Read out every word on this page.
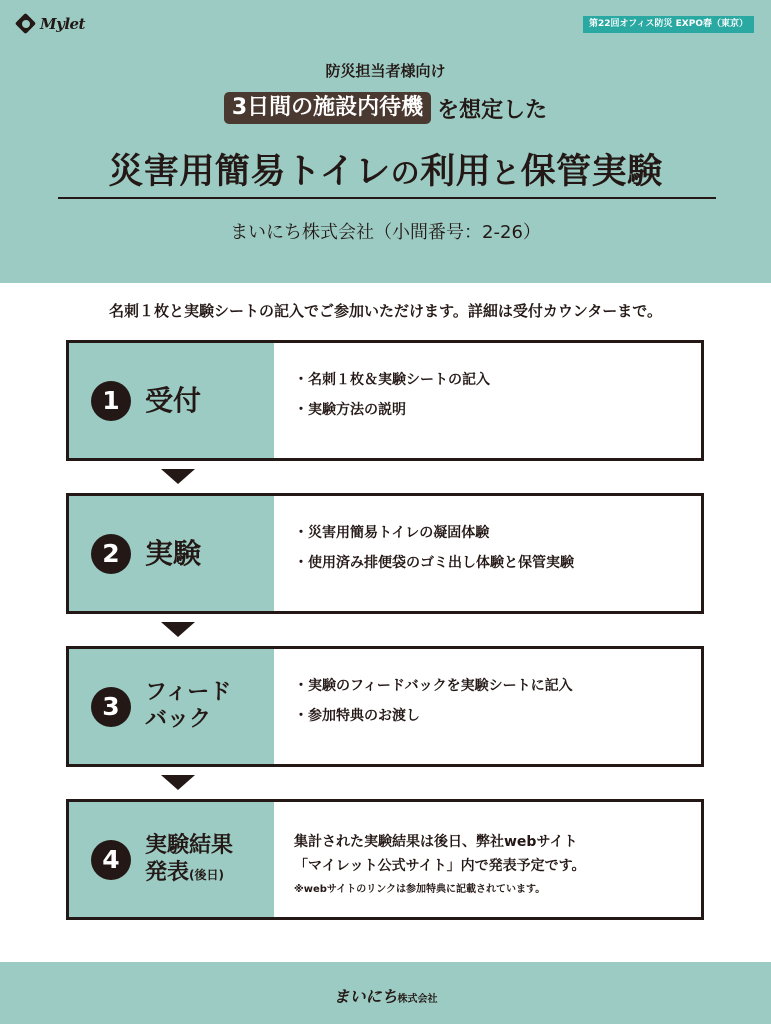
Mylet	第22回オフィス防災 EXPO春（東京）
防災担当者様向け
3日間の施設内待機 を想定した
災害用簡易トイレの利用と保管実験
まいにち株式会社（小間番号：2-26）
名刺１枚と実験シートの記入でご参加いただけます。詳細は受付カウンターまで。
1 受付
・ 名刺１枚＆実験シートの記入
・ 実験方法の説明
2 実験
・ 災害用簡易トイレの凝固体験
・ 使用済み排便袋のゴミ出し体験と保管実験
3	フィード
バック
・ 実験のフィードバックを実験シートに記入
・ 参加特典のお渡し
4	実験結果
発表(後日)
集計された実験結果は後日、弊社webサイト
「マイレット公式サイト」内で発表予定です。
※webサイトのリンクは参加特典に記載されています。
まいにち株式会社
